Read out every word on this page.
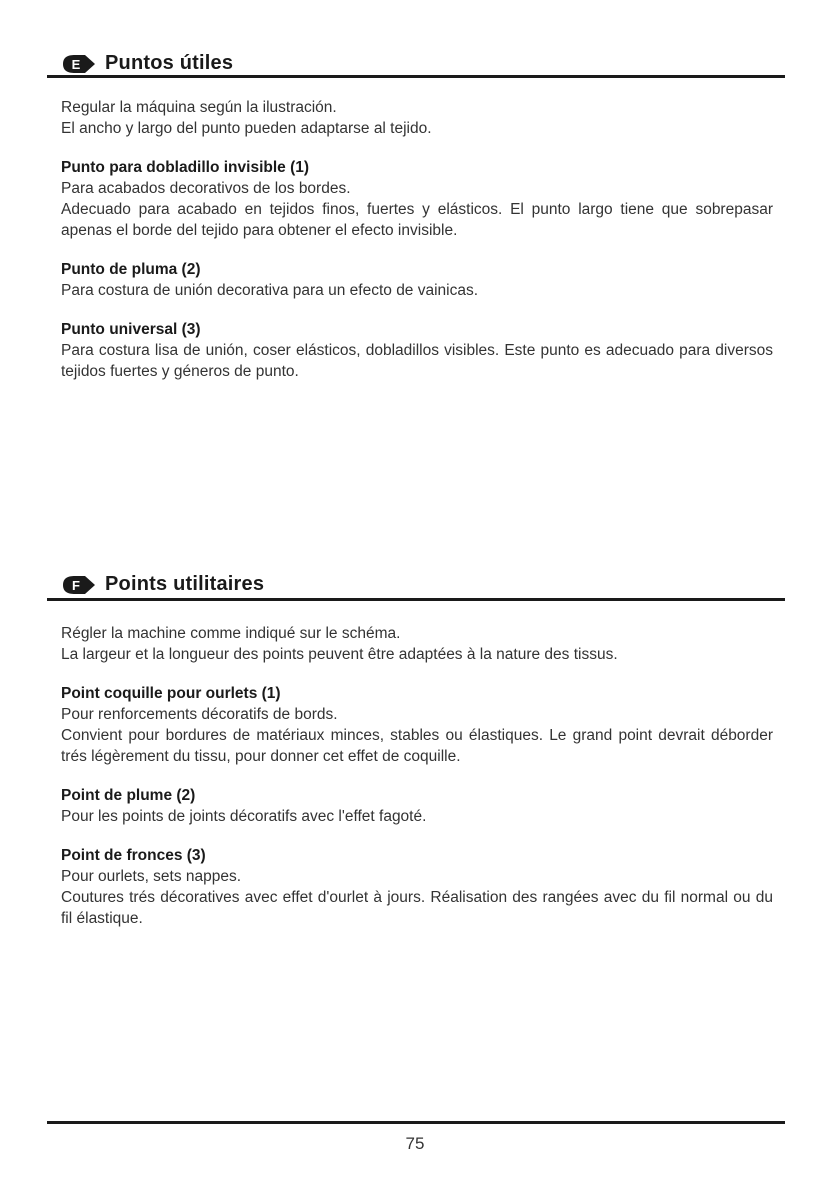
E Puntos útiles

Regular la máquina según la ilustración.

El ancho y largo del punto pueden adaptarse al tejido.

Punto para dobladillo invisible (1)

Para acabados decorativos de los bordes.

Adecuado para acabado en tejidos finos, fuertes y elásticos. El punto largo tiene que sobrepasar apenas el borde del tejido para obtener el efecto invisible.

Punto de pluma (2)

Para costura de unión decorativa para un efecto de vainicas.

Punto universal (3)

Para costura lisa de unión, coser elásticos, dobladillos visibles. Este punto es adecuado para diversos tejidos fuertes y géneros de punto.

F Points utilitaires

Régler la machine comme indiqué sur le schéma.

La largeur et la longueur des points peuvent être adaptées à la nature des tissus.

Point coquille pour ourlets (1)

Pour renforcements décoratifs de bords.

Convient pour bordures de matériaux minces, stables ou élastiques. Le grand point devrait déborder trés légèrement du tissu, pour donner cet effet de coquille.

Point de plume (2)

Pour les points de joints décoratifs avec l'effet fagoté.

Point de fronces (3)

Pour ourlets, sets nappes.

Coutures trés décoratives avec effet d'ourlet à jours. Réalisation des rangées avec du fil normal ou du fil élastique.

75
